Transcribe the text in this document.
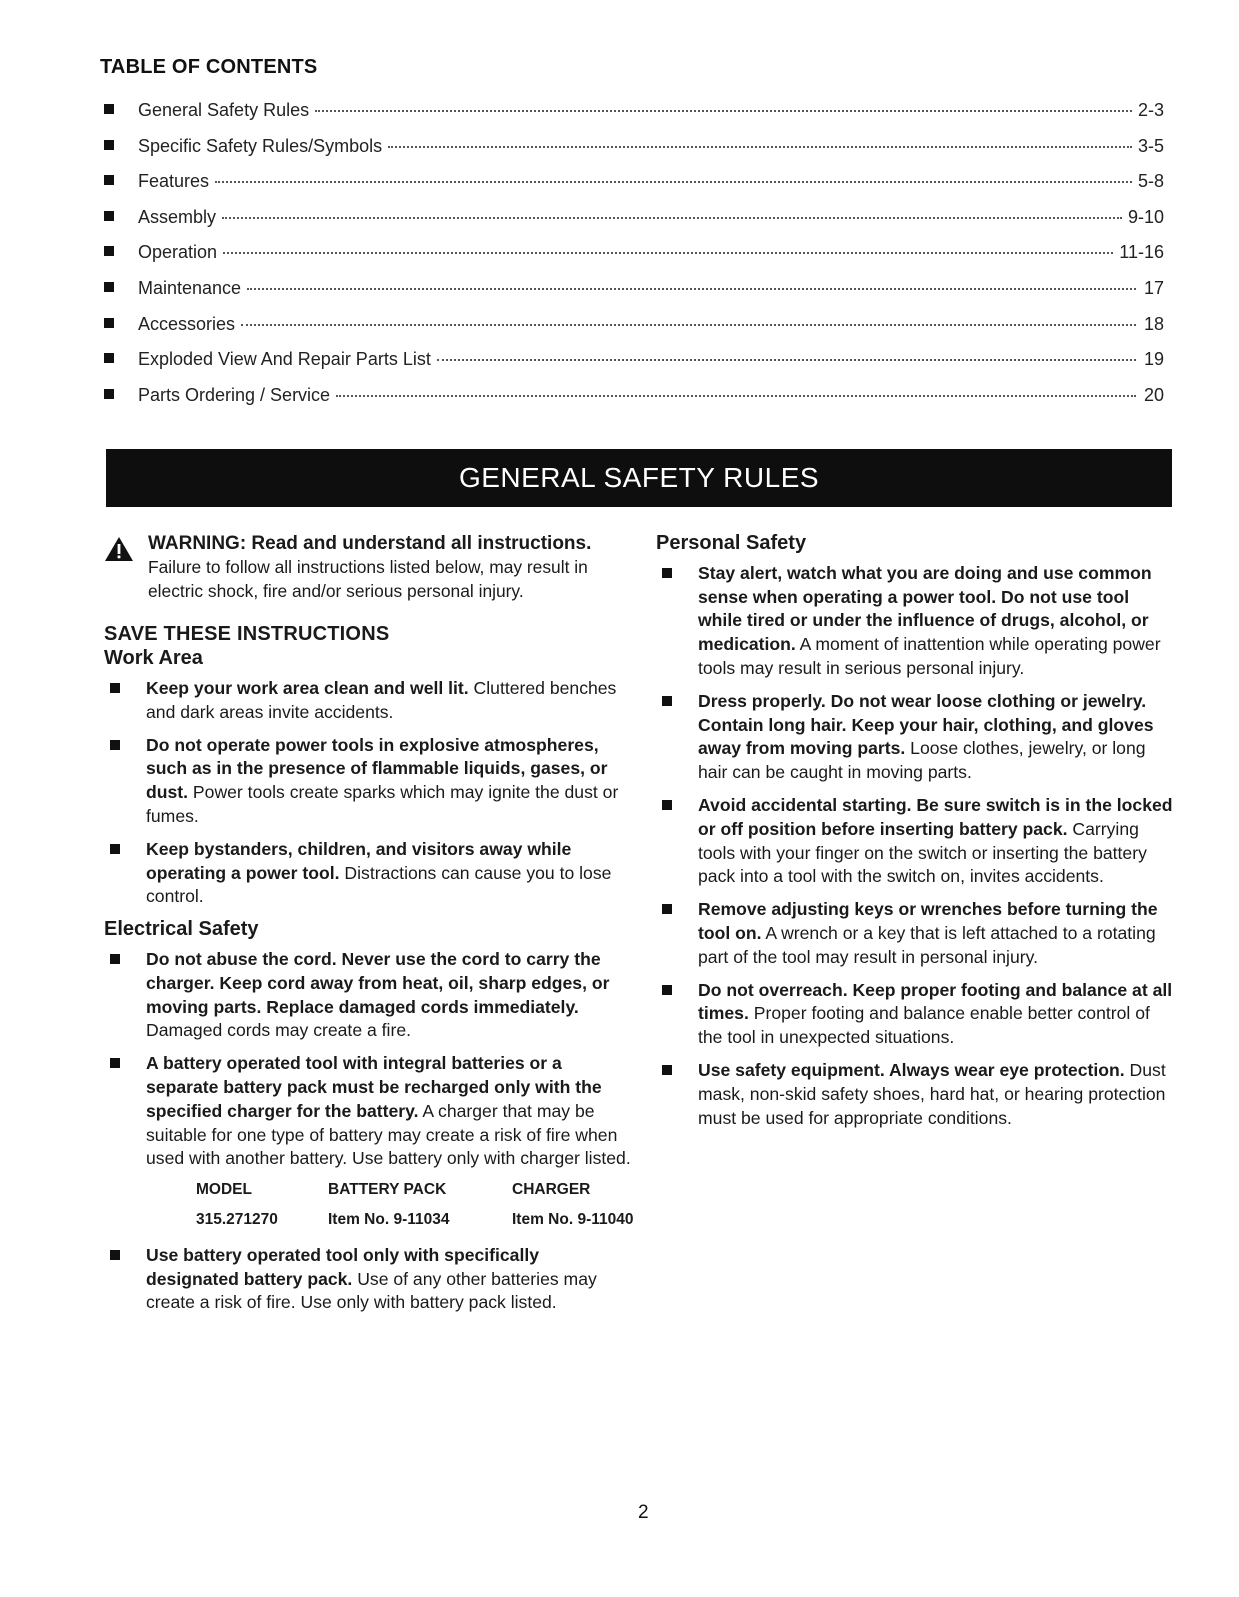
TABLE OF CONTENTS
General Safety Rules	2-3
Specific Safety Rules/Symbols	3-5
Features	5-8
Assembly	9-10
Operation	11-16
Maintenance	17
Accessories	18
Exploded View And Repair Parts List	19
Parts Ordering / Service	20
GENERAL SAFETY RULES
WARNING: Read and understand all instructions.
Failure to follow all instructions listed below, may result in electric shock, fire and/or serious personal injury.
SAVE THESE INSTRUCTIONS
Work Area
Keep your work area clean and well lit. Cluttered benches and dark areas invite accidents.
Do not operate power tools in explosive atmospheres, such as in the presence of flammable liquids, gases, or dust. Power tools create sparks which may ignite the dust or fumes.
Keep bystanders, children, and visitors away while operating a power tool. Distractions can cause you to lose control.
Electrical Safety
Do not abuse the cord. Never use the cord to carry the charger. Keep cord away from heat, oil, sharp edges, or moving parts. Replace damaged cords immediately. Damaged cords may create a fire.
A battery operated tool with integral batteries or a separate battery pack must be recharged only with the specified charger for the battery. A charger that may be suitable for one type of battery may create a risk of fire when used with another battery. Use battery only with charger listed.
MODEL	BATTERY PACK	CHARGER
315.271270	Item No. 9-11034	Item No. 9-11040
Use battery operated tool only with specifically designated battery pack. Use of any other batteries may create a risk of fire. Use only with battery pack listed.
Personal Safety
Stay alert, watch what you are doing and use common sense when operating a power tool. Do not use tool while tired or under the influence of drugs, alcohol, or medication. A moment of inattention while operating power tools may result in serious personal injury.
Dress properly. Do not wear loose clothing or jewelry. Contain long hair. Keep your hair, clothing, and gloves away from moving parts. Loose clothes, jewelry, or long hair can be caught in moving parts.
Avoid accidental starting. Be sure switch is in the locked or off position before inserting battery pack. Carrying tools with your finger on the switch or inserting the battery pack into a tool with the switch on, invites accidents.
Remove adjusting keys or wrenches before turning the tool on. A wrench or a key that is left attached to a rotating part of the tool may result in personal injury.
Do not overreach. Keep proper footing and balance at all times. Proper footing and balance enable better control of the tool in unexpected situations.
Use safety equipment. Always wear eye protection. Dust mask, non-skid safety shoes, hard hat, or hearing protection must be used for appropriate conditions.
2
